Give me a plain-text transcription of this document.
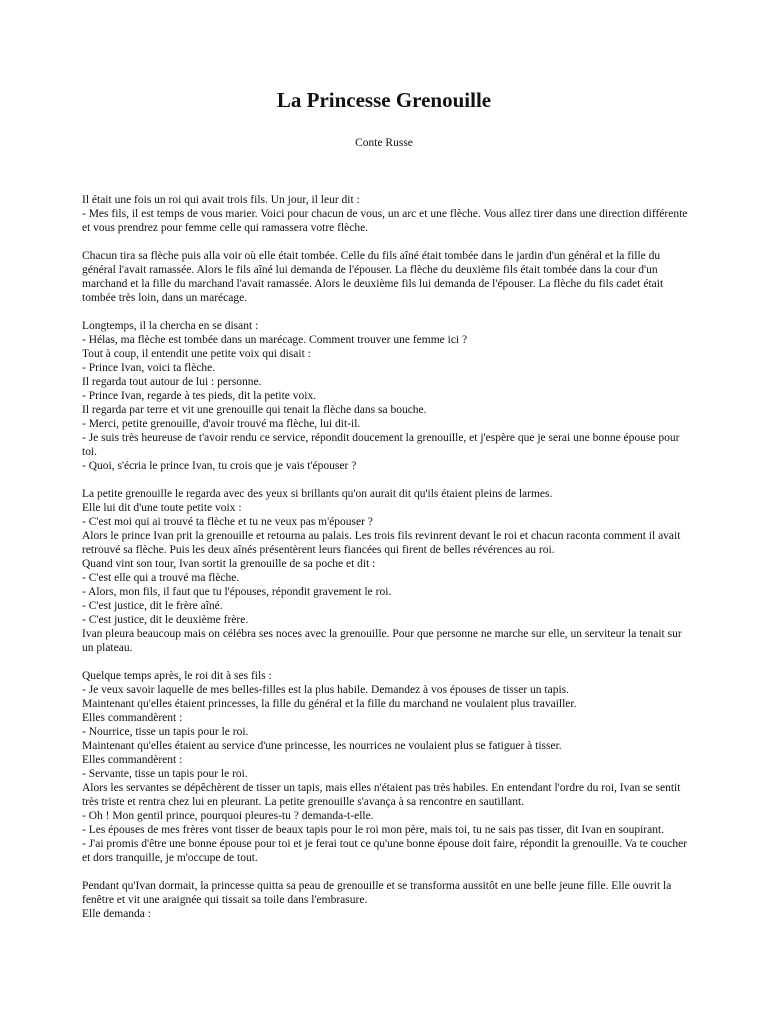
La Princesse Grenouille

Conte Russe

Il était une fois un roi qui avait trois fils. Un jour, il leur dit :
- Mes fils, il est temps de vous marier. Voici pour chacun de vous, un arc et une flèche. Vous allez tirer dans une direction différente et vous prendrez pour femme celle qui ramassera votre flèche.
Chacun tira sa flèche puis alla voir où elle était tombée. Celle du fils aîné était tombée dans le jardin d'un général et la fille du général l'avait ramassée. Alors le fils aîné lui demanda de l'épouser. La flèche du deuxième fils était tombée dans la cour d'un marchand et la fille du marchand l'avait ramassée. Alors le deuxième fils lui demanda de l'épouser. La flèche du fils cadet était tombée très loin, dans un marécage.
Longtemps, il la chercha en se disant :
- Hélas, ma flèche est tombée dans un marécage. Comment trouver une femme ici ?
Tout à coup, il entendit une petite voix qui disait :
- Prince Ivan, voici ta flèche.
Il regarda tout autour de lui : personne.
- Prince Ivan, regarde à tes pieds, dit la petite voix.
Il regarda par terre et vit une grenouille qui tenait la flèche dans sa bouche.
- Merci, petite grenouille, d'avoir trouvé ma flèche, lui dit-il.
- Je suis très heureuse de t'avoir rendu ce service, répondit doucement la grenouille, et j'espère que je serai une bonne épouse pour toi.
- Quoi, s'écria le prince Ivan, tu crois que je vais t'épouser ?
La petite grenouille le regarda avec des yeux si brillants qu'on aurait dit qu'ils étaient pleins de larmes.
Elle lui dit d'une toute petite voix :
- C'est moi qui ai trouvé ta flèche et tu ne veux pas m'épouser ?
Alors le prince Ivan prit la grenouille et retourna au palais. Les trois fils revinrent devant le roi et chacun raconta comment il avait retrouvé sa flèche. Puis les deux aînés présentèrent leurs fiancées qui firent de belles révérences au roi.
Quand vint son tour, Ivan sortit la grenouille de sa poche et dit :
- C'est elle qui a trouvé ma flèche.
- Alors, mon fils, il faut que tu l'épouses, répondit gravement le roi.
- C'est justice, dit le frère aîné.
- C'est justice, dit le deuxième frère.
Ivan pleura beaucoup mais on célébra ses noces avec la grenouille. Pour que personne ne marche sur elle, un serviteur la tenait sur un plateau.
Quelque temps après, le roi dit à ses fils :
- Je veux savoir laquelle de mes belles-filles est la plus habile. Demandez à vos épouses de tisser un tapis.
Maintenant qu'elles étaient princesses, la fille du général et la fille du marchand ne voulaient plus travailler.
Elles commandèrent :
- Nourrice, tisse un tapis pour le roi.
Maintenant qu'elles étaient au service d'une princesse, les nourrices ne voulaient plus se fatiguer à tisser.
Elles commandèrent :
- Servante, tisse un tapis pour le roi.
Alors les servantes se dépêchèrent de tisser un tapis, mais elles n'étaient pas très habiles. En entendant l'ordre du roi, Ivan se sentit très triste et rentra chez lui en pleurant. La petite grenouille s'avança à sa rencontre en sautillant.
- Oh ! Mon gentil prince, pourquoi pleures-tu ? demanda-t-elle.
- Les épouses de mes frères vont tisser de beaux tapis pour le roi mon père, mais toi, tu ne sais pas tisser, dit Ivan en soupirant.
- J'ai promis d'être une bonne épouse pour toi et je ferai tout ce qu'une bonne épouse doit faire, répondit la grenouille. Va te coucher et dors tranquille, je m'occupe de tout.
Pendant qu'Ivan dormait, la princesse quitta sa peau de grenouille et se transforma aussitôt en une belle jeune fille. Elle ouvrit la fenêtre et vit une araignée qui tissait sa toile dans l'embrasure.
Elle demanda :
